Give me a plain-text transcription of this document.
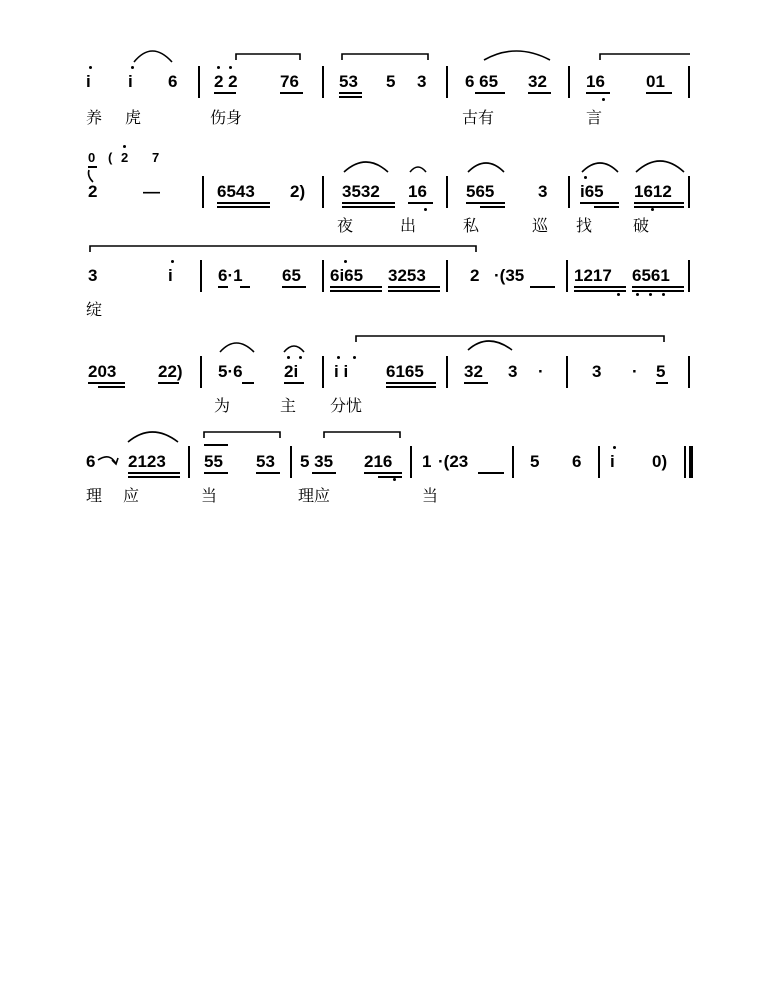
i i 6 2 2 76 53 5 3 6 65 32 16 01
养 虎	伤身	古有	言
0 ( 2 7
2	—	6543 2) 3532 16 565	3 i65 1612
夜	出	私	巡 找	破
3	i	6·1 65 6i65 3253	2 ·(35	1217 6561
绽
203 22) 5·6 2i i i 6165 32 3 ·	3 · 5
为	主 分忧
6 2123 55 53 5 35 216 1 ·(23	5 6 i 0)
理 应	当	理应	当
